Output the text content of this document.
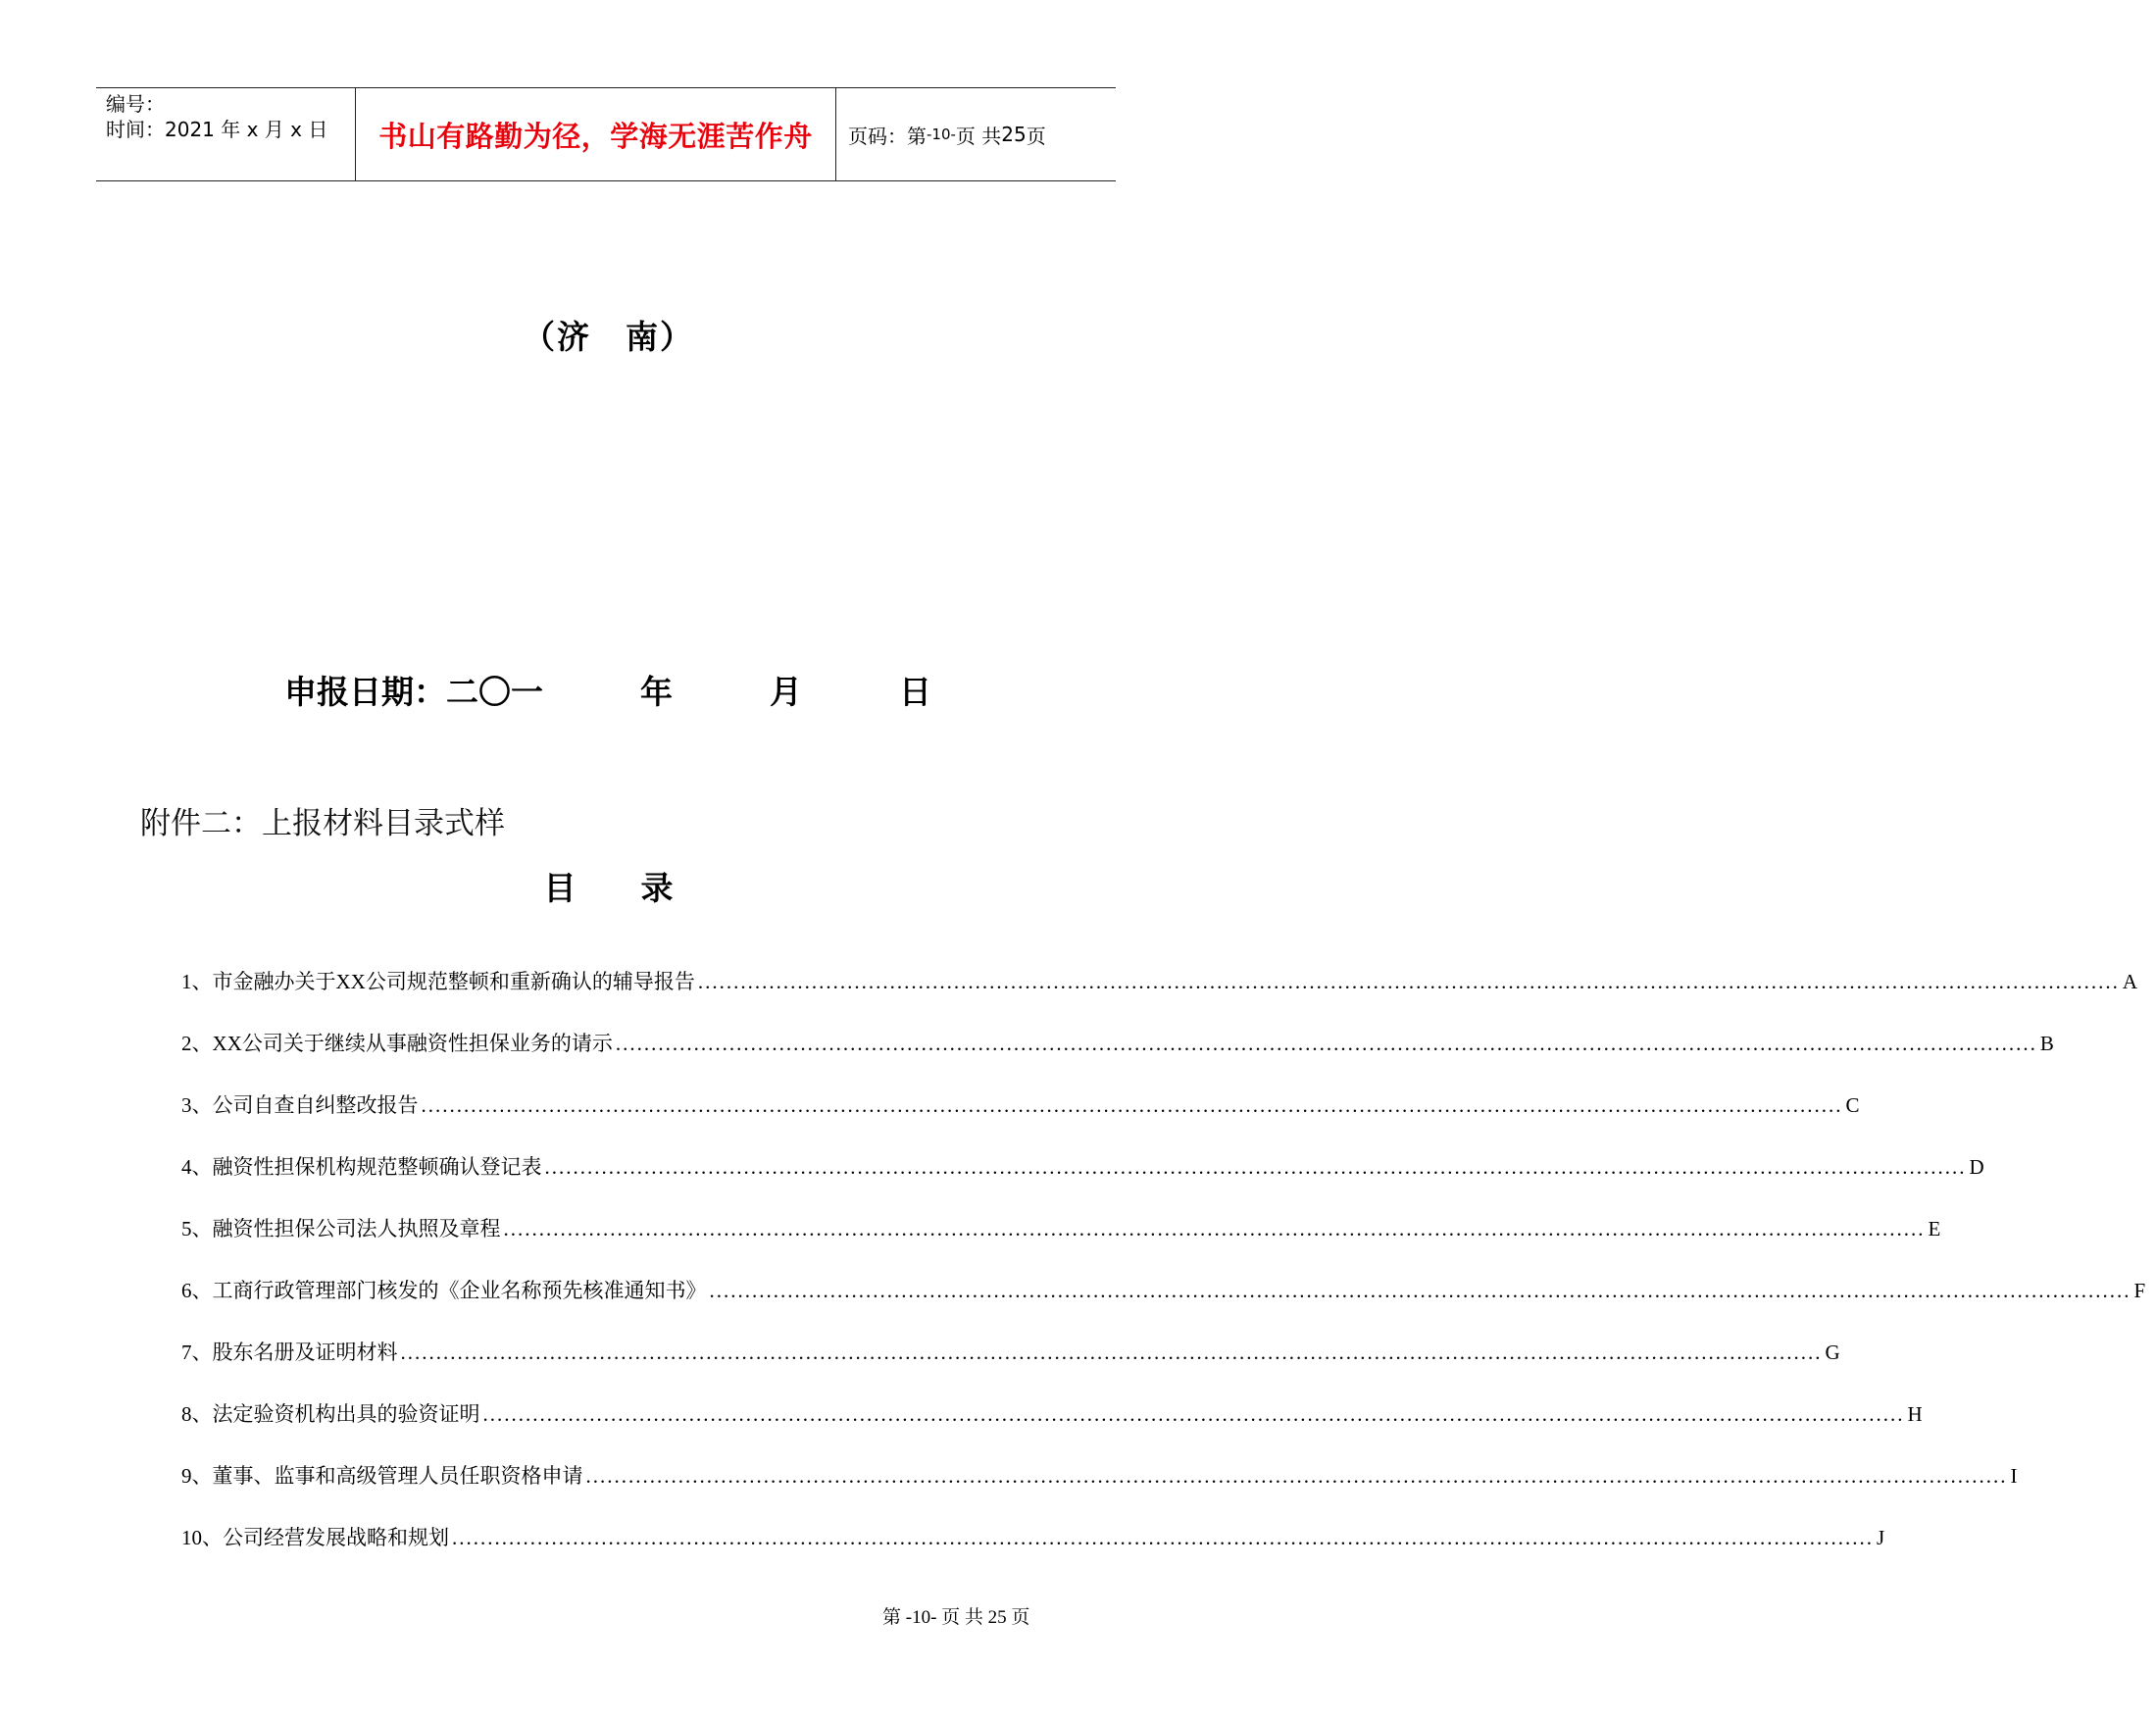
编号：
时间：2021 年 x 月 x 日	书山有路勤为径，学海无涯苦作舟 页码：第 -10- 页 共 25 页
（济　南）
申报日期：二〇一　　　年　　　月　　　日
附件二：上报材料目录式样
目　　录
1、 市金融办关于XX公司规范整顿和重新确认的辅导报告 ........................................................................................................................................................................................................ A
2、 XX公司关于继续从事融资性担保业务的请示 ........................................................................................................................................................................................................ B
3、 公司自查自纠整改报告 ........................................................................................................................................................................................................ C
4、 融资性担保机构规范整顿确认登记表 ........................................................................................................................................................................................................ D
5、 融资性担保公司法人执照及章程 ........................................................................................................................................................................................................ E
6、 工商行政管理部门核发的《企业名称预先核准通知书》 ........................................................................................................................................................................................................ F
7、 股东名册及证明材料 ........................................................................................................................................................................................................ G
8、 法定验资机构出具的验资证明 ........................................................................................................................................................................................................ H
9、 董事、监事和高级管理人员任职资格申请 ........................................................................................................................................................................................................ I
10、 公司经营发展战略和规划 ........................................................................................................................................................................................................ J
第 -10- 页 共 25 页
